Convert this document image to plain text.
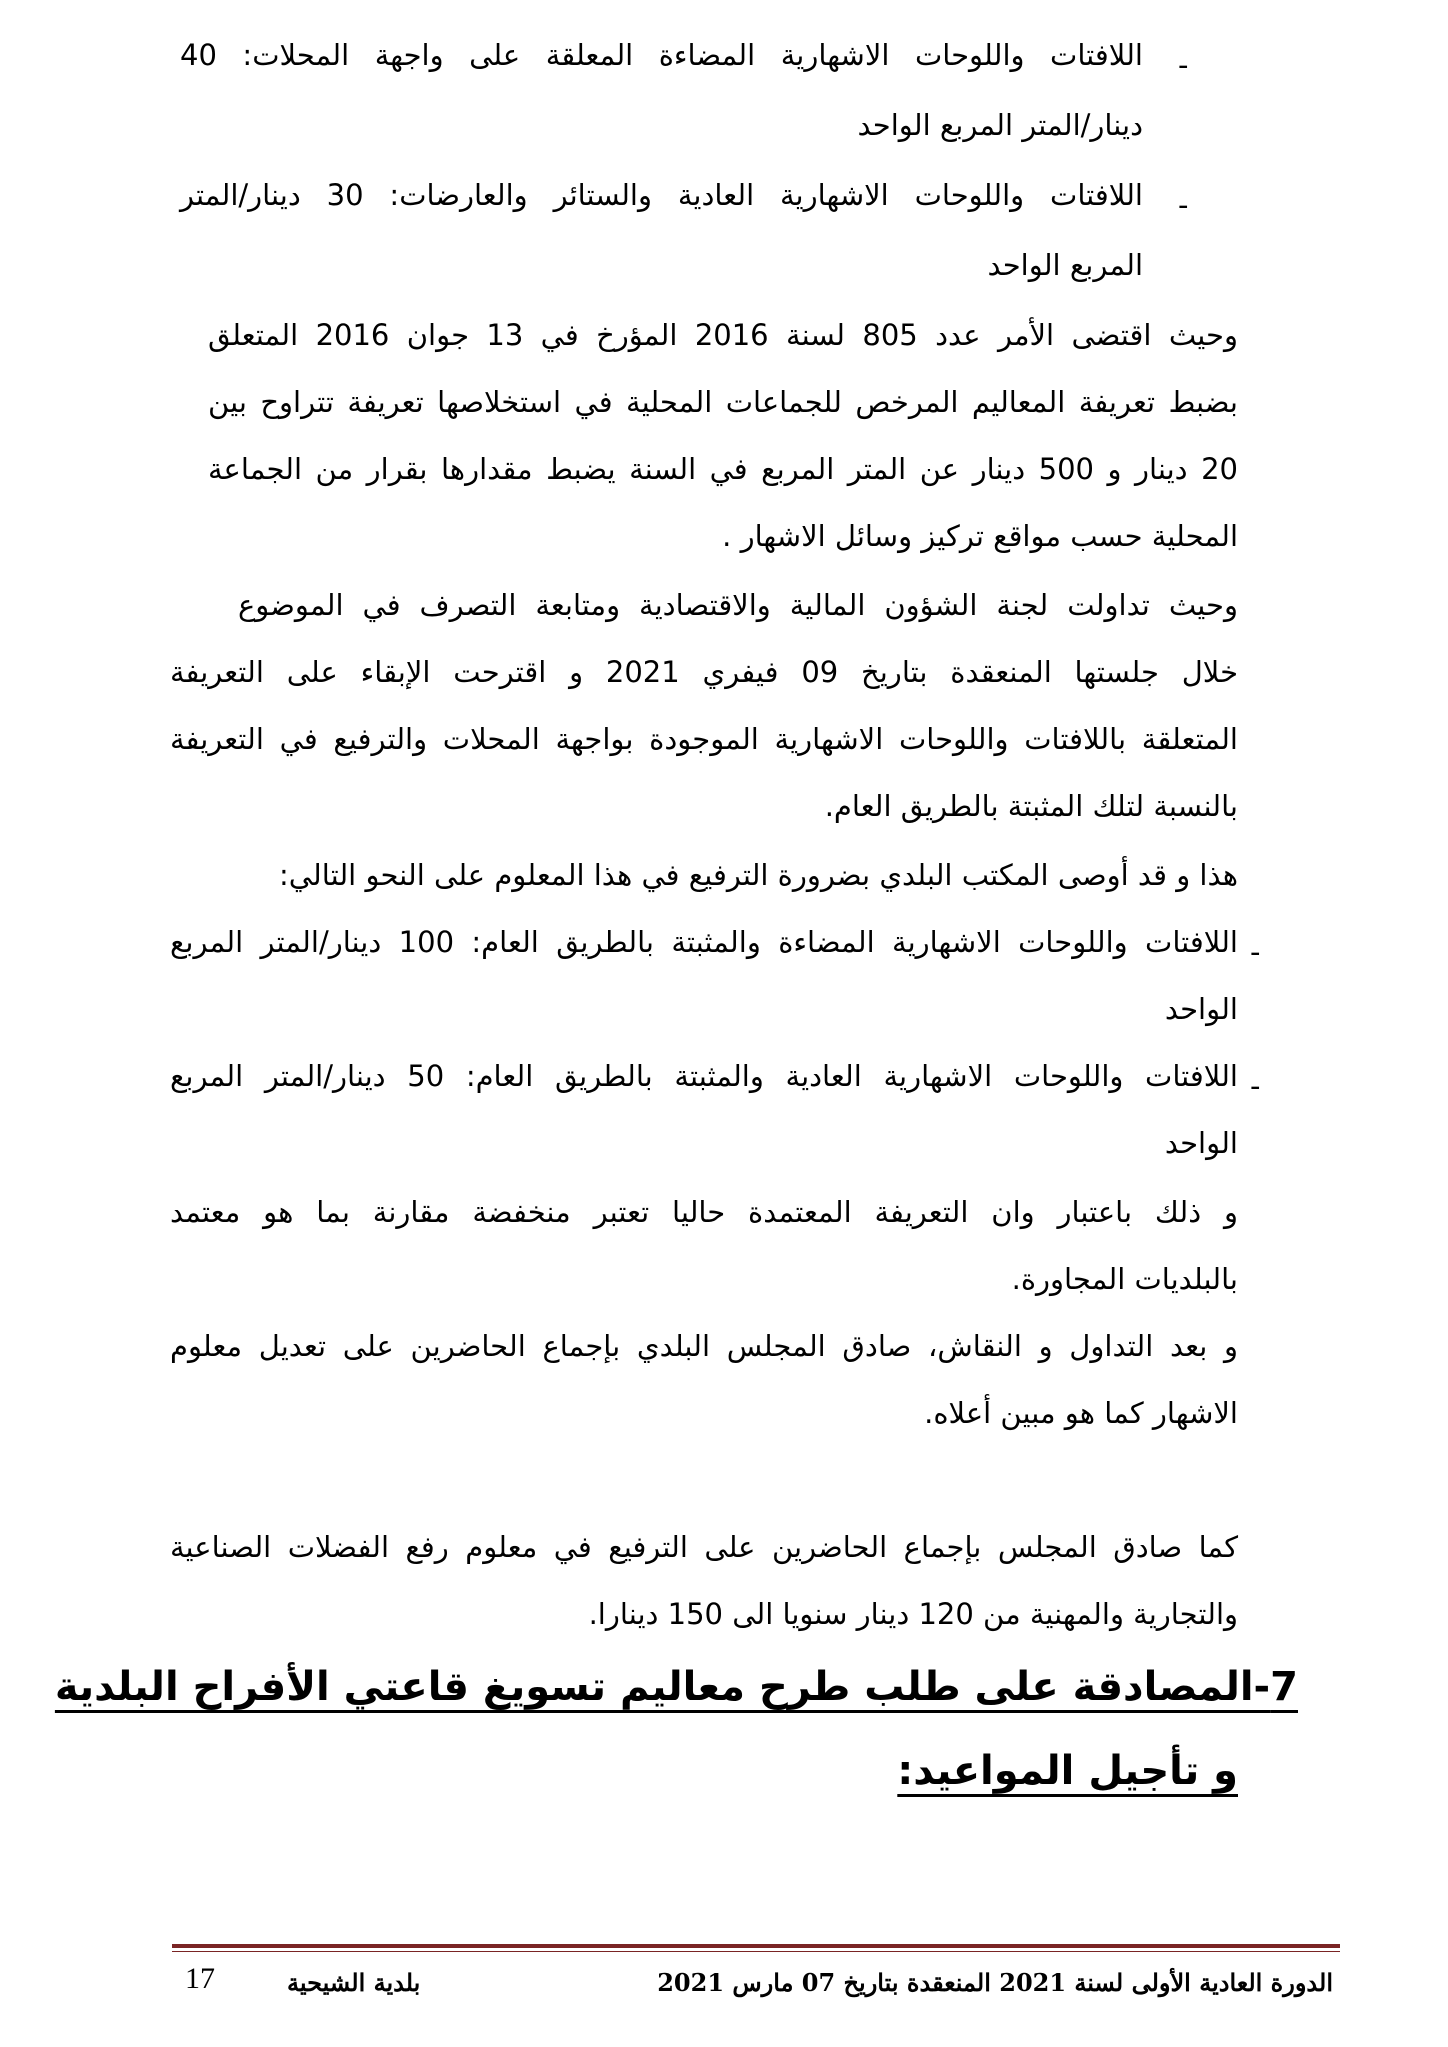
-
اللافتات واللوحات الاشهارية المضاءة المعلقة على واجهة المحلات: 40
دينار/المتر المربع الواحد
-
اللافتات واللوحات الاشهارية العادية والستائر والعارضات: 30 دينار/المتر
المربع الواحد
وحيث اقتضى الأمر عدد 805 لسنة 2016 المؤرخ في 13 جوان 2016 المتعلق
بضبط تعريفة المعاليم المرخص للجماعات المحلية في استخلاصها تعريفة تتراوح بين
20 دينار و 500 دينار عن المتر المربع في السنة يضبط مقدارها بقرار من الجماعة
المحلية حسب مواقع تركيز وسائل الاشهار .
وحيث تداولت لجنة الشؤون المالية والاقتصادية ومتابعة التصرف في الموضوع
خلال جلستها المنعقدة بتاريخ 09 فيفري 2021 و اقترحت الإبقاء على التعريفة
المتعلقة باللافتات واللوحات الاشهارية الموجودة بواجهة المحلات والترفيع في التعريفة
بالنسبة لتلك المثبتة بالطريق العام.
هذا و قد أوصى المكتب البلدي بضرورة الترفيع في هذا المعلوم على النحو التالي:
-
اللافتات واللوحات الاشهارية المضاءة والمثبتة بالطريق العام: 100 دينار/المتر المربع
الواحد
-
اللافتات واللوحات الاشهارية العادية والمثبتة بالطريق العام: 50 دينار/المتر المربع
الواحد
و ذلك باعتبار وان التعريفة المعتمدة حاليا تعتبر منخفضة مقارنة بما هو معتمد
بالبلديات المجاورة.
و بعد التداول و النقاش، صادق المجلس البلدي بإجماع الحاضرين على تعديل معلوم
الاشهار كما هو مبين أعلاه.
كما صادق المجلس بإجماع الحاضرين على الترفيع في معلوم رفع الفضلات الصناعية
والتجارية والمهنية من 120 دينار سنويا الى 150 دينارا.
7-المصادقة على طلب طرح معاليم تسويغ قاعتي الأفراح البلدية
و تأجيل المواعيد:
الدورة العادية الأولى لسنة 2021 المنعقدة بتاريخ 07 مارس 2021
بلدية الشيحية
17
